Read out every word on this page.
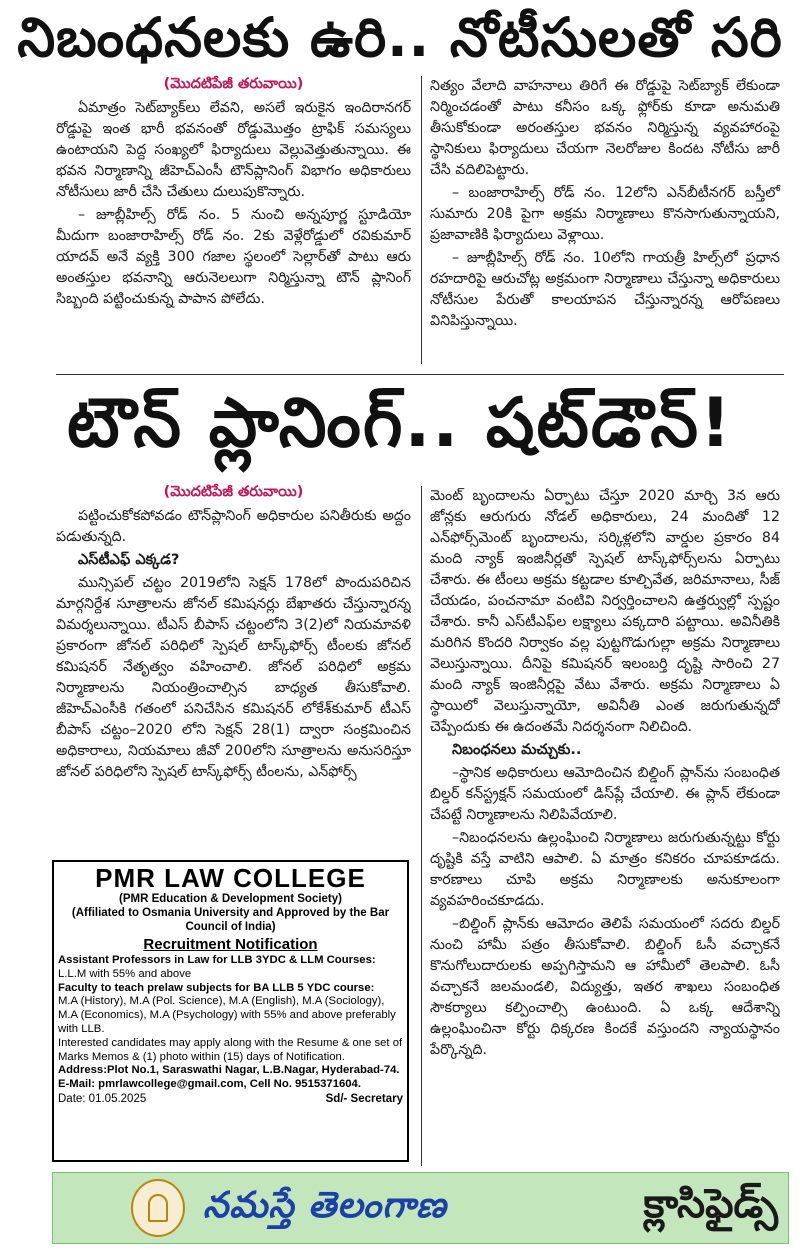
నిబంధనలకు ఉరి.. నోటీసులతో సరి
(మొదటిపేజీ తరువాయి)

ఏమాత్రం సెట్‌బ్యాక్‌లు లేవని, అసలే ఇరుకైన ఇందిరానగర్ రోడ్డుపై ఇంత భారీ భవనంతో రోడ్డుమొత్తం ట్రాఫిక్ సమస్యలు ఉంటాయని పెద్ద సంఖ్యలో ఫిర్యాదులు వెల్లువెత్తుతున్నాయి. ఈ భవన నిర్మాణాన్ని జీహెచ్‌ఎంసీ టౌన్‌ప్లానింగ్ విభాగం అధికారులు నోటీసులు జారీ చేసి చేతులు దులుపుకొన్నారు.

– జూబ్లీహిల్స్ రోడ్ నం. 5 నుంచి అన్నపూర్ణ స్టూడియో మీదుగా బంజారాహిల్స్ రోడ్ నం. 2కు వెళ్లేరోడ్డులో రవికుమార్ యాదవ్ అనే వ్యక్తి 300 గజాల స్థలంలో సెల్లార్‌తో పాటు ఆరు అంతస్తుల భవనాన్ని ఆరునెలలుగా నిర్మిస్తున్నా టౌన్ ప్లానింగ్ సిబ్బంది పట్టించుకున్న పాపాన పోలేదు.

నిత్యం వేలాది వాహనాలు తిరిగే ఈ రోడ్డుపై సెట్‌బ్యాక్ లేకుండా నిర్మించడంతో పాటు కనీసం ఒక్క ఫ్లోర్‌కు కూడా అనుమతి తీసుకోకుండా అరంతస్తుల భవనం నిర్మిస్తున్న వ్యవహారంపై స్థానికులు ఫిర్యాదులు చేయగా నెలరోజుల కిందట నోటీసు జారీ చేసి వదిలిపెట్టారు.

– బంజారాహిల్స్ రోడ్ నం. 12లోని ఎన్‌బీటీనగర్ బస్తీలో సుమారు 20కి పైగా అక్రమ నిర్మాణాలు కొనసాగుతున్నాయని, ప్రజావాణికి ఫిర్యాదులు వెళ్లాయి.

– జూబ్లీహిల్స్ రోడ్ నం. 10లోని గాయత్రీ హిల్స్‌లో ప్రధాన రహదారిపై ఆరుచోట్ల అక్రమంగా నిర్మాణాలు చేస్తున్నా అధికారులు నోటీసుల పేరుతో కాలయాపన చేస్తున్నారన్న ఆరోపణలు వినిపిస్తున్నాయి.

టౌన్ ప్లానింగ్.. షట్‌డౌన్!
(మొదటిపేజీ తరువాయి)

పట్టించుకోకపోవడం టౌన్‌ప్లానింగ్ అధికారుల పనితీరుకు అద్దం పడుతున్నది.

ఎస్‌టీఎఫ్ ఎక్కడ?

మున్సిపల్ చట్టం 2019లోని సెక్షన్ 178లో పొందుపరిచిన మార్గనిర్దేశ సూత్రాలను జోనల్ కమిషనర్లు బేఖాతరు చేస్తున్నారన్న విమర్శలున్నాయి. టీఎస్ బీపాస్ చట్టంలోని 3(2)లో నియమావళి ప్రకారంగా జోనల్ పరిధిలో స్పెషల్ టాస్క్‌ఫోర్స్ టీంలకు జోనల్ కమిషనర్ నేతృత్వం వహించాలి. జోనల్ పరిధిలో అక్రమ నిర్మాణాలను నియంత్రించాల్సిన బాధ్యత తీసుకోవాలి. జీహెచ్‌ఎంసీకి గతంలో పనిచేసిన కమిషనర్ లోకేశ్‌కుమార్ టీఎస్ బీపాస్ చట్టం–2020 లోని సెక్షన్ 28(1) ద్వారా సంక్రమించిన అధికారాలు, నియమాలు జీవో 200లోని సూత్రాలను అనుసరిస్తూ జోనల్ పరిధిలోని స్పెషల్ టాస్క్‌ఫోర్స్ టీంలను, ఎన్‌ఫోర్స్

మెంట్ బృందాలను ఏర్పాటు చేస్తూ 2020 మార్చి 3న ఆరు జోన్లకు ఆరుగురు నోడల్ అధికారులు, 24 మందితో 12 ఎన్‌ఫోర్స్‌మెంట్ బృందాలను, సర్కిళ్లలోని వార్డుల ప్రకారం 84 మంది న్యాక్ ఇంజినీర్లతో స్పెషల్ టాస్క్‌ఫోర్స్‌లను ఏర్పాటు చేశారు. ఈ టీంలు అక్రమ కట్టడాల కూల్చివేత, జరిమానాలు, సీజ్ చేయడం, పంచనామా వంటివి నిర్వర్తించాలని ఉత్తర్వుల్లో స్పష్టం చేశారు. కానీ ఎస్‌టీఎఫ్‌ల లక్ష్యాలు పక్కదారి పట్టాయి. అవినీతికి మరిగిన కొందరి నిర్వాకం వల్ల పుట్టగొడుగుల్లా అక్రమ నిర్మాణాలు వెలుస్తున్నాయి. దీనిపై కమిషనర్ ఇలంబర్తి దృష్టి సారించి 27 మంది న్యాక్ ఇంజినీర్లపై వేటు వేశారు. అక్రమ నిర్మాణాలు ఏ స్థాయిలో వెలుస్తున్నాయో, అవినీతి ఎంత జరుగుతున్నదో చెప్పేందుకు ఈ ఉదంతమే నిదర్శనంగా నిలిచింది.

నిబంధనలు మచ్చుకు..

–స్థానిక అధికారులు ఆమోదించిన బిల్డింగ్ ప్లాన్‌ను సంబంధిత బిల్డర్ కన్‌స్ట్రక్షన్ సమయంలో డిస్‌ప్లే చేయాలి. ఈ ప్లాన్ లేకుండా చేపట్టే నిర్మాణాలను నిలిపివేయాలి.

–నిబంధనలను ఉల్లంఘించి నిర్మాణాలు జరుగుతున్నట్టు కోర్టు దృష్టికి వస్తే వాటిని ఆపాలి. ఏ మాత్రం కనికరం చూపకూడదు. కారణాలు చూపి అక్రమ నిర్మాణాలకు అనుకూలంగా వ్యవహరించకూడదు.

–బిల్డింగ్ ప్లాన్‌కు ఆమోదం తెలిపే సమయంలో సదరు బిల్డర్ నుంచి హామీ పత్రం తీసుకోవాలి. బిల్డింగ్ ఓసీ వచ్చాకనే కొనుగోలుదారులకు అప్పగిస్తామని ఆ హామీలో తెలపాలి. ఓసీ వచ్చాకనే జలమండలి, విద్యుత్తు, ఇతర శాఖలు సంబంధిత సౌకర్యాలు కల్పించాల్సి ఉంటుంది. ఏ ఒక్క ఆదేశాన్ని ఉల్లంఘించినా కోర్టు ధిక్కరణ కిందకే వస్తుందని న్యాయస్థానం పేర్కొన్నది.

PMR LAW COLLEGE
(PMR Education & Development Society)
(Affiliated to Osmania University and Approved by the Bar Council of India)
Recruitment Notification
Assistant Professors in Law for LLB 3YDC & LLM Courses:
L.L.M with 55% and above
Faculty to teach prelaw subjects for BA LLB 5 YDC course:
M.A (History), M.A (Pol. Science), M.A (English), M.A (Sociology), M.A (Economics), M.A (Psychology) with 55% and above preferably with LLB.
Interested candidates may apply along with the Resume & one set of Marks Memos & (1) photo within (15) days of Notification.
Address:Plot No.1, Saraswathi Nagar, L.B.Nagar, Hyderabad-74.
E-Mail: pmrlawcollege@gmail.com, Cell No. 9515371604.
Date: 01.05.2025	Sd/- Secretary
నమస్తే తెలంగాణ	క్లాసిఫైడ్స్
